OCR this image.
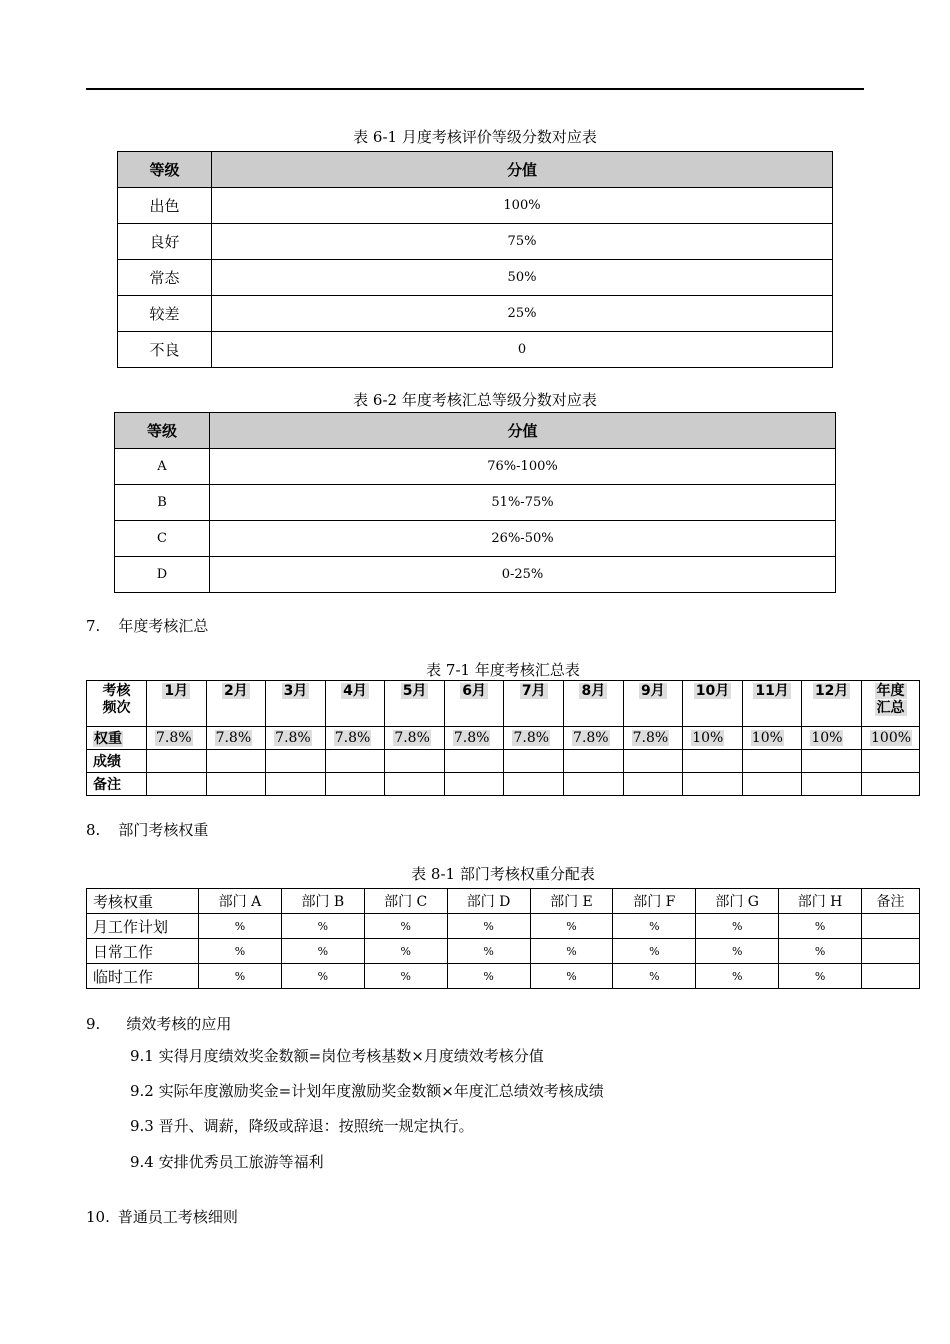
表 6-1 月度考核评价等级分数对应表
等级	分值
出色	100%
良好	75%
常态	50%
较差	25%
不良	0
表 6-2 年度考核汇总等级分数对应表
等级	分值
A	76%-100%
B	51%-75%
C	26%-50%
D	0-25%
7. 年度考核汇总
表 7-1 年度考核汇总表
考核
频次	1月	2月	3月	4月	5月	6月	7月	8月	9月	10月	11月	12月	年度
汇总
权重	7.8%	7.8%	7.8%	7.8%	7.8%	7.8%	7.8%	7.8%	7.8%	10%	10%	10%	100%
成绩													
备注													
8. 部门考核权重
表 8-1 部门考核权重分配表
考核权重	部门 A	部门 B	部门 C	部门 D	部门 E	部门 F	部门 G	部门 H	备注
月工作计划	%	%	%	%	%	%	%	%	
日常工作	%	%	%	%	%	%	%	%	
临时工作	%	%	%	%	%	%	%	%	
9. 绩效考核的应用
9.1 实得月度绩效奖金数额=岗位考核基数×月度绩效考核分值
9.2 实际年度激励奖金=计划年度激励奖金数额×年度汇总绩效考核成绩
9.3 晋升、调薪，降级或辞退：按照统一规定执行。
9.4 安排优秀员工旅游等福利
10. 普通员工考核细则
